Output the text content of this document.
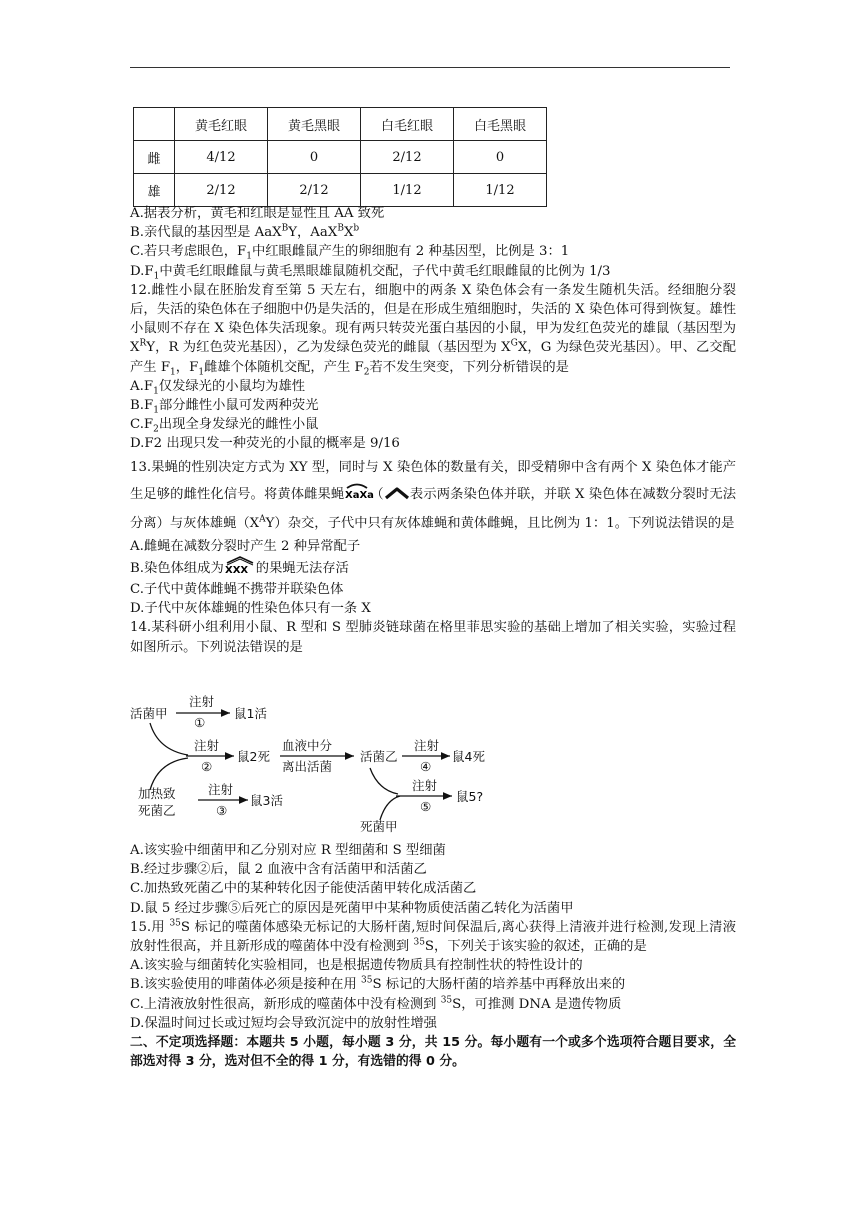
	黄毛红眼	黄毛黑眼	白毛红眼	白毛黑眼
雌	4/12	0	2/12	0
雄	2/12	2/12	1/12	1/12

A.据表分析，黄毛和红眼是显性且 AA 致死

B.亲代鼠的基因型是 AaX$^B$Y，$AaX^BX^b$

C.若只考虑眼色，$F_1$中红眼雌鼠产生的卵细胞有 2 种基因型，比例是 3：1

$D.F_1$中黄毛红眼雌鼠与黄毛黑眼雄鼠随机交配，子代中黄毛红眼雌鼠的比例为 1/3

12.雌性小鼠在胚胎发育至第 5 天左右，细胞中的两条 X 染色体会有一条发生随机失活。经细胞分裂后，失活的染色体在子细胞中仍是失活的，但是在形成生殖细胞时，失活的 X 染色体可得到恢复。雄性小鼠则不存在 X 染色体失活现象。现有两只转荧光蛋白基因的小鼠，甲为发红色荧光的雄鼠（基因型为 $X^RY$，R 为红色荧光基因），乙为发绿色荧光的雌鼠（基因型为 $X^GX$，G 为绿色荧光基因）。甲、乙交配产生 $F_1$，$F_1$雌雄个体随机交配，产生 $F_2$若不发生突变，下列分析错误的是

$A.F_1$仅发绿光的小鼠均为雄性

$B.F_1$部分雌性小鼠可发两种荧光

$C.F_2$出现全身发绿光的雌性小鼠

D.F2 出现只发一种荧光的小鼠的概率是 9/16

13.果蝇的性别决定方式为 XY 型，同时与 X 染色体的数量有关，即受精卵中含有两个 X 染色体才能产生足够的雌性化信号。将黄体雌果蝇 XaXa
（ 表示两条染色体并联，并联 X 染色体在减数分裂时无法分离）与灰体雄蝇$(X^AY)$杂交，子代中只有灰体雄蝇和黄体雌蝇，且比例为 1：1。下列说法错误的是

A.雌蝇在减数分裂时产生 2 种异常配子

B.染色体组成为 XXX 的果蝇无法存活

C.子代中黄体雌蝇不携带并联染色体

D.子代中灰体雄蝇的性染色体只有一条 X

14.某科研小组利用小鼠、R 型和 S 型肺炎链球菌在格里菲思实验的基础上增加了相关实验，实验过程如图所示。下列说法错误的是

活菌甲
注射
①
鼠1活
注射
②
鼠2死
血液中分
离出活菌
活菌乙
注射
④
鼠4死
加热致
死菌乙
注射
③
鼠3活
注射
⑤
鼠5?
死菌甲

A.该实验中细菌甲和乙分别对应 R 型细菌和 S 型细菌

B.经过步骤②后，鼠 2 血液中含有活菌甲和活菌乙

C.加热致死菌乙中的某种转化因子能使活菌甲转化成活菌乙

D.鼠 5 经过步骤⑤后死亡的原因是死菌甲中某种物质使活菌乙转化为活菌甲

15.用 $^{35}$S 标记的噬菌体感染无标记的大肠杆菌,短时间保温后,离心获得上清液并进行检测,发现上清液放射性很高，并且新形成的噬菌体中没有检测到 $^{35}$S，下列关于该实验的叙述，正确的是

A.该实验与细菌转化实验相同，也是根据遗传物质具有控制性状的特性设计的

B.该实验使用的啡菌体必须是接种在用 $^{35}$S 标记的大肠杆菌的培养基中再释放出来的

C.上清液放射性很高，新形成的噬菌体中没有检测到 $^{35}$S，可推测 DNA 是遗传物质

D.保温时间过长或过短均会导致沉淀中的放射性增强

二、不定项选择题：本题共 5 小题，每小题 3 分，共 15 分。每小题有一个或多个选项符合题目要求，全部选对得 3 分，选对但不全的得 1 分，有选错的得 0 分。
